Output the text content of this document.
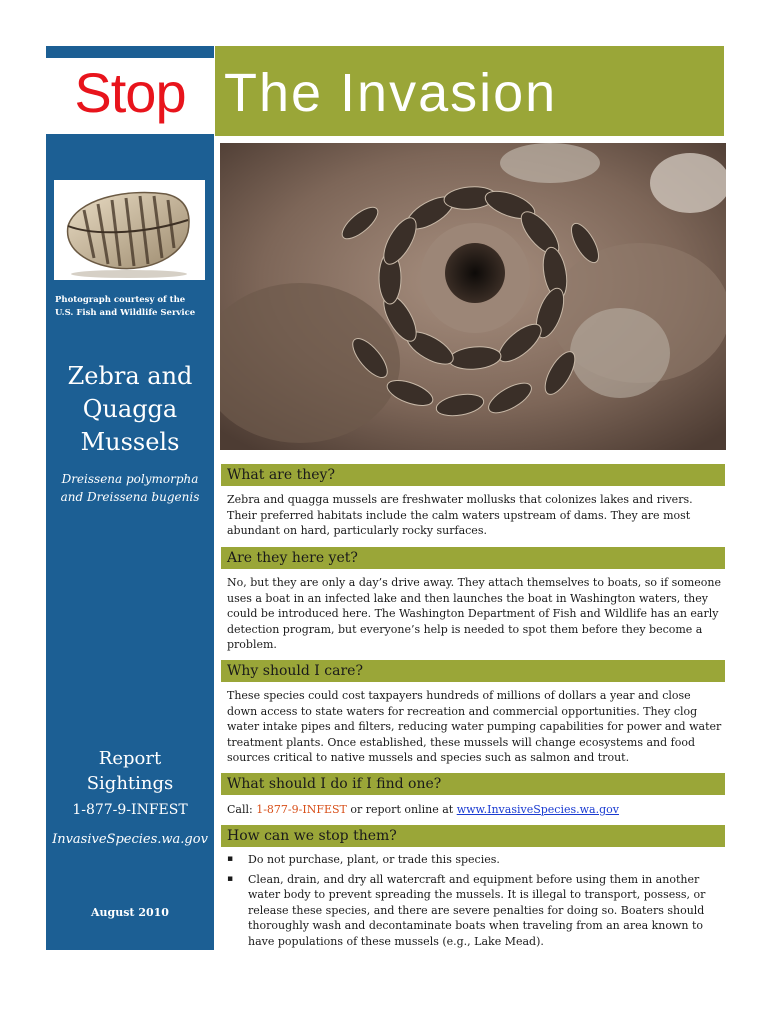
Stop
Photograph courtesy of the U.S. Fish and Wildlife Service
Zebra and
Quagga
Mussels
Dreissena polymorpha
and Dreissena bugenis
Report
Sightings
1-877-9-INFEST
InvasiveSpecies.wa.gov
August 2010
The Invasion
What are they?
Zebra and quagga mussels are freshwater mollusks that colonizes lakes and rivers. Their preferred habitats include the calm waters upstream of dams. They are most abundant on hard, particularly rocky surfaces.
Are they here yet?
No, but they are only a day’s drive away. They attach themselves to boats, so if someone uses a boat in an infected lake and then launches the boat in Washington waters, they could be introduced here. The Washington Department of Fish and Wildlife has an early detection program, but everyone’s help is needed to spot them before they become a problem.
Why should I care?
These species could cost taxpayers hundreds of millions of dollars a year and close down access to state waters for recreation and commercial opportunities. They clog water intake pipes and filters, reducing water pumping capabilities for power and water treatment plants. Once established, these mussels will change ecosystems and food sources critical to native mussels and species such as salmon and trout.
What should I do if I find one?
Call: 1-877-9-INFEST or report online at www.InvasiveSpecies.wa.gov
How can we stop them?
▪ Do not purchase, plant, or trade this species.
▪ Clean, drain, and dry all watercraft and equipment before using them in another water body to prevent spreading the mussels. It is illegal to transport, possess, or release these species, and there are severe penalties for doing so. Boaters should thoroughly wash and decontaminate boats when traveling from an area known to have populations of these mussels (e.g., Lake Mead).
